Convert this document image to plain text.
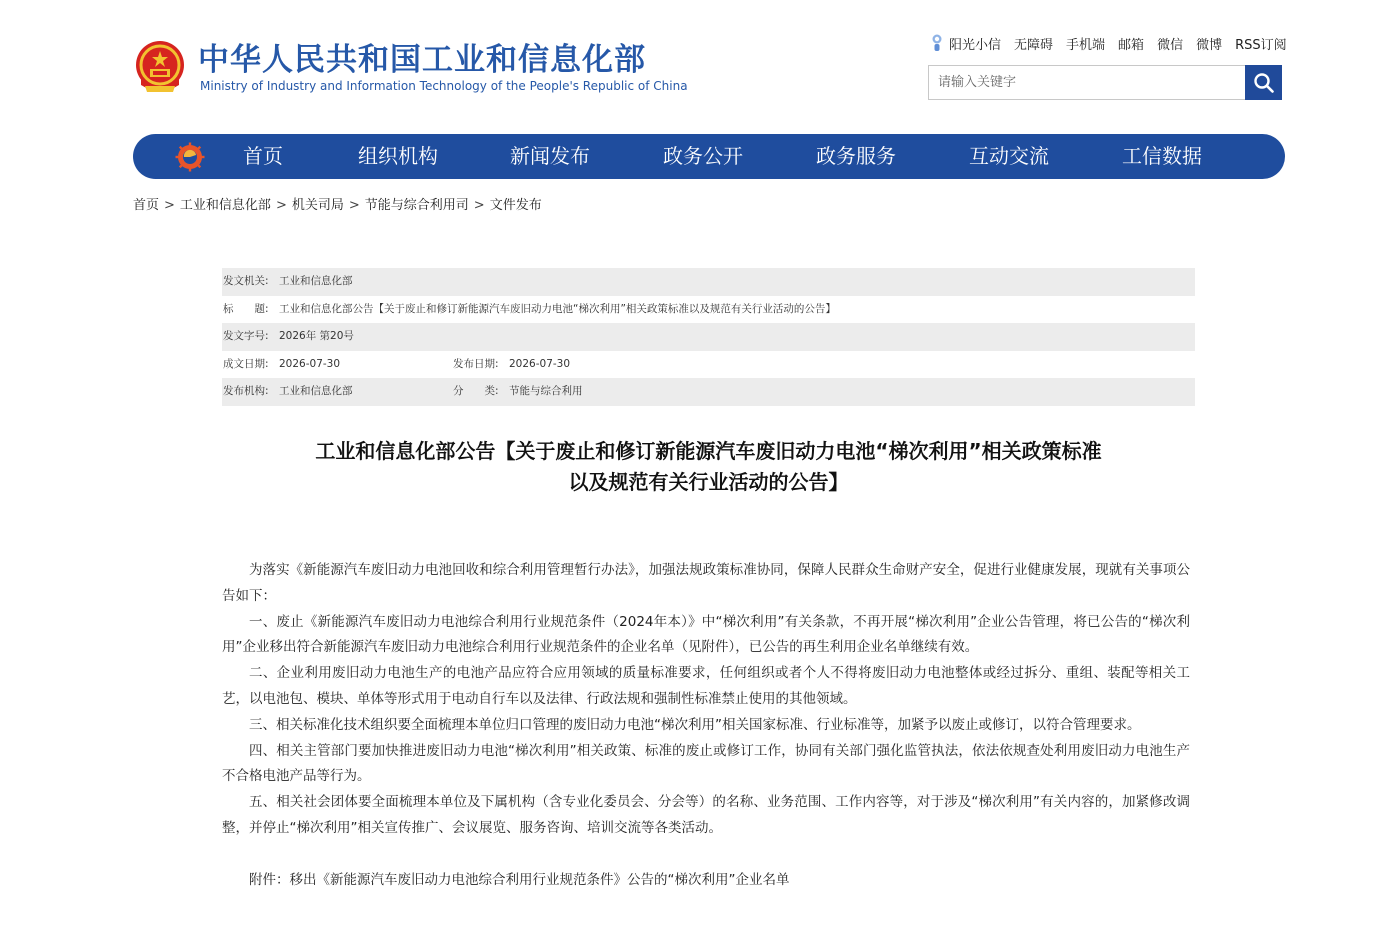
中华人民共和国工业和信息化部
Ministry of Industry and Information Technology of the People's Republic of China
阳光小信 无障碍 手机端 邮箱 微信 微博 RSS订阅
请输入关键字
首页	组织机构	新闻发布	政务公开	政务服务	互动交流	工信数据
首页 > 工业和信息化部 > 机关司局 > 节能与综合利用司 > 文件发布
发文机关: 工业和信息化部
标　　题: 工业和信息化部公告【关于废止和修订新能源汽车废旧动力电池“梯次利用”相关政策标准以及规范有关行业活动的公告】
发文字号: 2026年 第20号
成文日期: 2026-07-30	发布日期: 2026-07-30
发布机构: 工业和信息化部	分　　类: 节能与综合利用
工业和信息化部公告【关于废止和修订新能源汽车废旧动力电池“梯次利用”相关政策标准
以及规范有关行业活动的公告】

为落实《新能源汽车废旧动力电池回收和综合利用管理暂行办法》，加强法规政策标准协同，保障人民群众生命财产安全，促进行业健康发展，现就有关事项公告如下：

一、废止《新能源汽车废旧动力电池综合利用行业规范条件（2024年本）》中“梯次利用”有关条款，不再开展“梯次利用”企业公告管理，将已公告的“梯次利用”企业移出符合新能源汽车废旧动力电池综合利用行业规范条件的企业名单（见附件），已公告的再生利用企业名单继续有效。

二、企业利用废旧动力电池生产的电池产品应符合应用领域的质量标准要求，任何组织或者个人不得将废旧动力电池整体或经过拆分、重组、装配等相关工艺，以电池包、模块、单体等形式用于电动自行车以及法律、行政法规和强制性标准禁止使用的其他领域。

三、相关标准化技术组织要全面梳理本单位归口管理的废旧动力电池“梯次利用”相关国家标准、行业标准等，加紧予以废止或修订，以符合管理要求。

四、相关主管部门要加快推进废旧动力电池“梯次利用”相关政策、标准的废止或修订工作，协同有关部门强化监管执法，依法依规查处利用废旧动力电池生产不合格电池产品等行为。

五、相关社会团体要全面梳理本单位及下属机构（含专业化委员会、分会等）的名称、业务范围、工作内容等，对于涉及“梯次利用”有关内容的，加紧修改调整，并停止“梯次利用”相关宣传推广、会议展览、服务咨询、培训交流等各类活动。

附件：移出《新能源汽车废旧动力电池综合利用行业规范条件》公告的“梯次利用”企业名单
